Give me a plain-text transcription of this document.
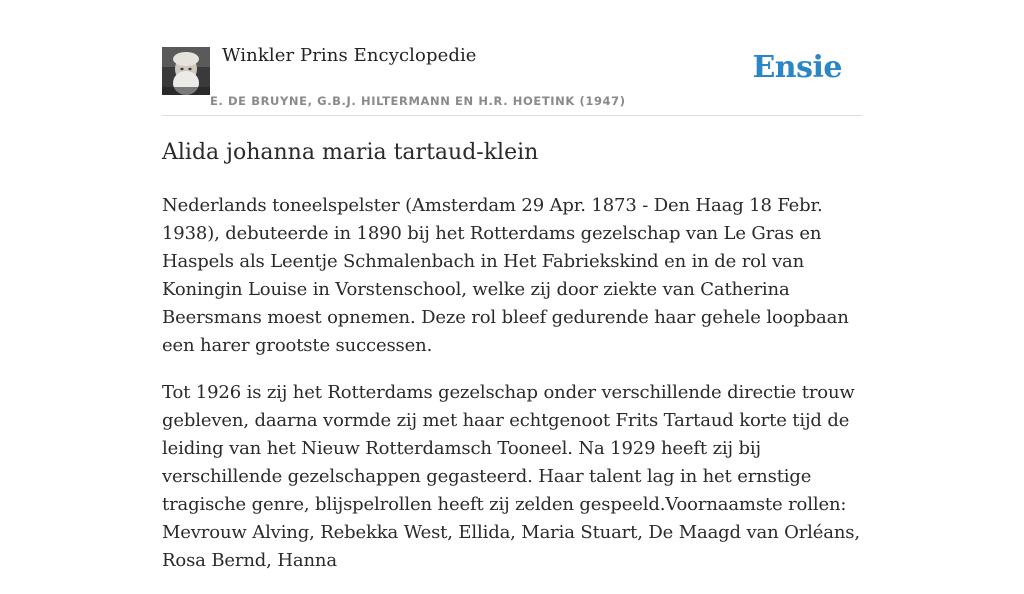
Winkler Prins Encyclopedie
E. DE BRUYNE, G.B.J. HILTERMANN EN H.R. HOETINK (1947)
Ensie
Alida johanna maria tartaud-klein

Nederlands toneelspelster (Amsterdam 29 Apr. 1873 - Den Haag 18 Febr. 1938), debuteerde in 1890 bij het Rotterdams gezelschap van Le Gras en Haspels als Leentje Schmalenbach in Het Fabriekskind en in de rol van Koningin Louise in Vorstenschool, welke zij door ziekte van Catherina Beersmans moest opnemen. Deze rol bleef gedurende haar gehele loopbaan een harer grootste successen.

Tot 1926 is zij het Rotterdams gezelschap onder verschillende directie trouw gebleven, daarna vormde zij met haar echtgenoot Frits Tartaud korte tijd de leiding van het Nieuw Rotterdamsch Tooneel. Na 1929 heeft zij bij verschillende gezelschappen gegasteerd. Haar talent lag in het ernstige tragische genre, blijspelrollen heeft zij zelden gespeeld.Voornaamste rollen: Mevrouw Alving, Rebekka West, Ellida, Maria Stuart, De Maagd van Orléans, Rosa Bernd, Hanna
